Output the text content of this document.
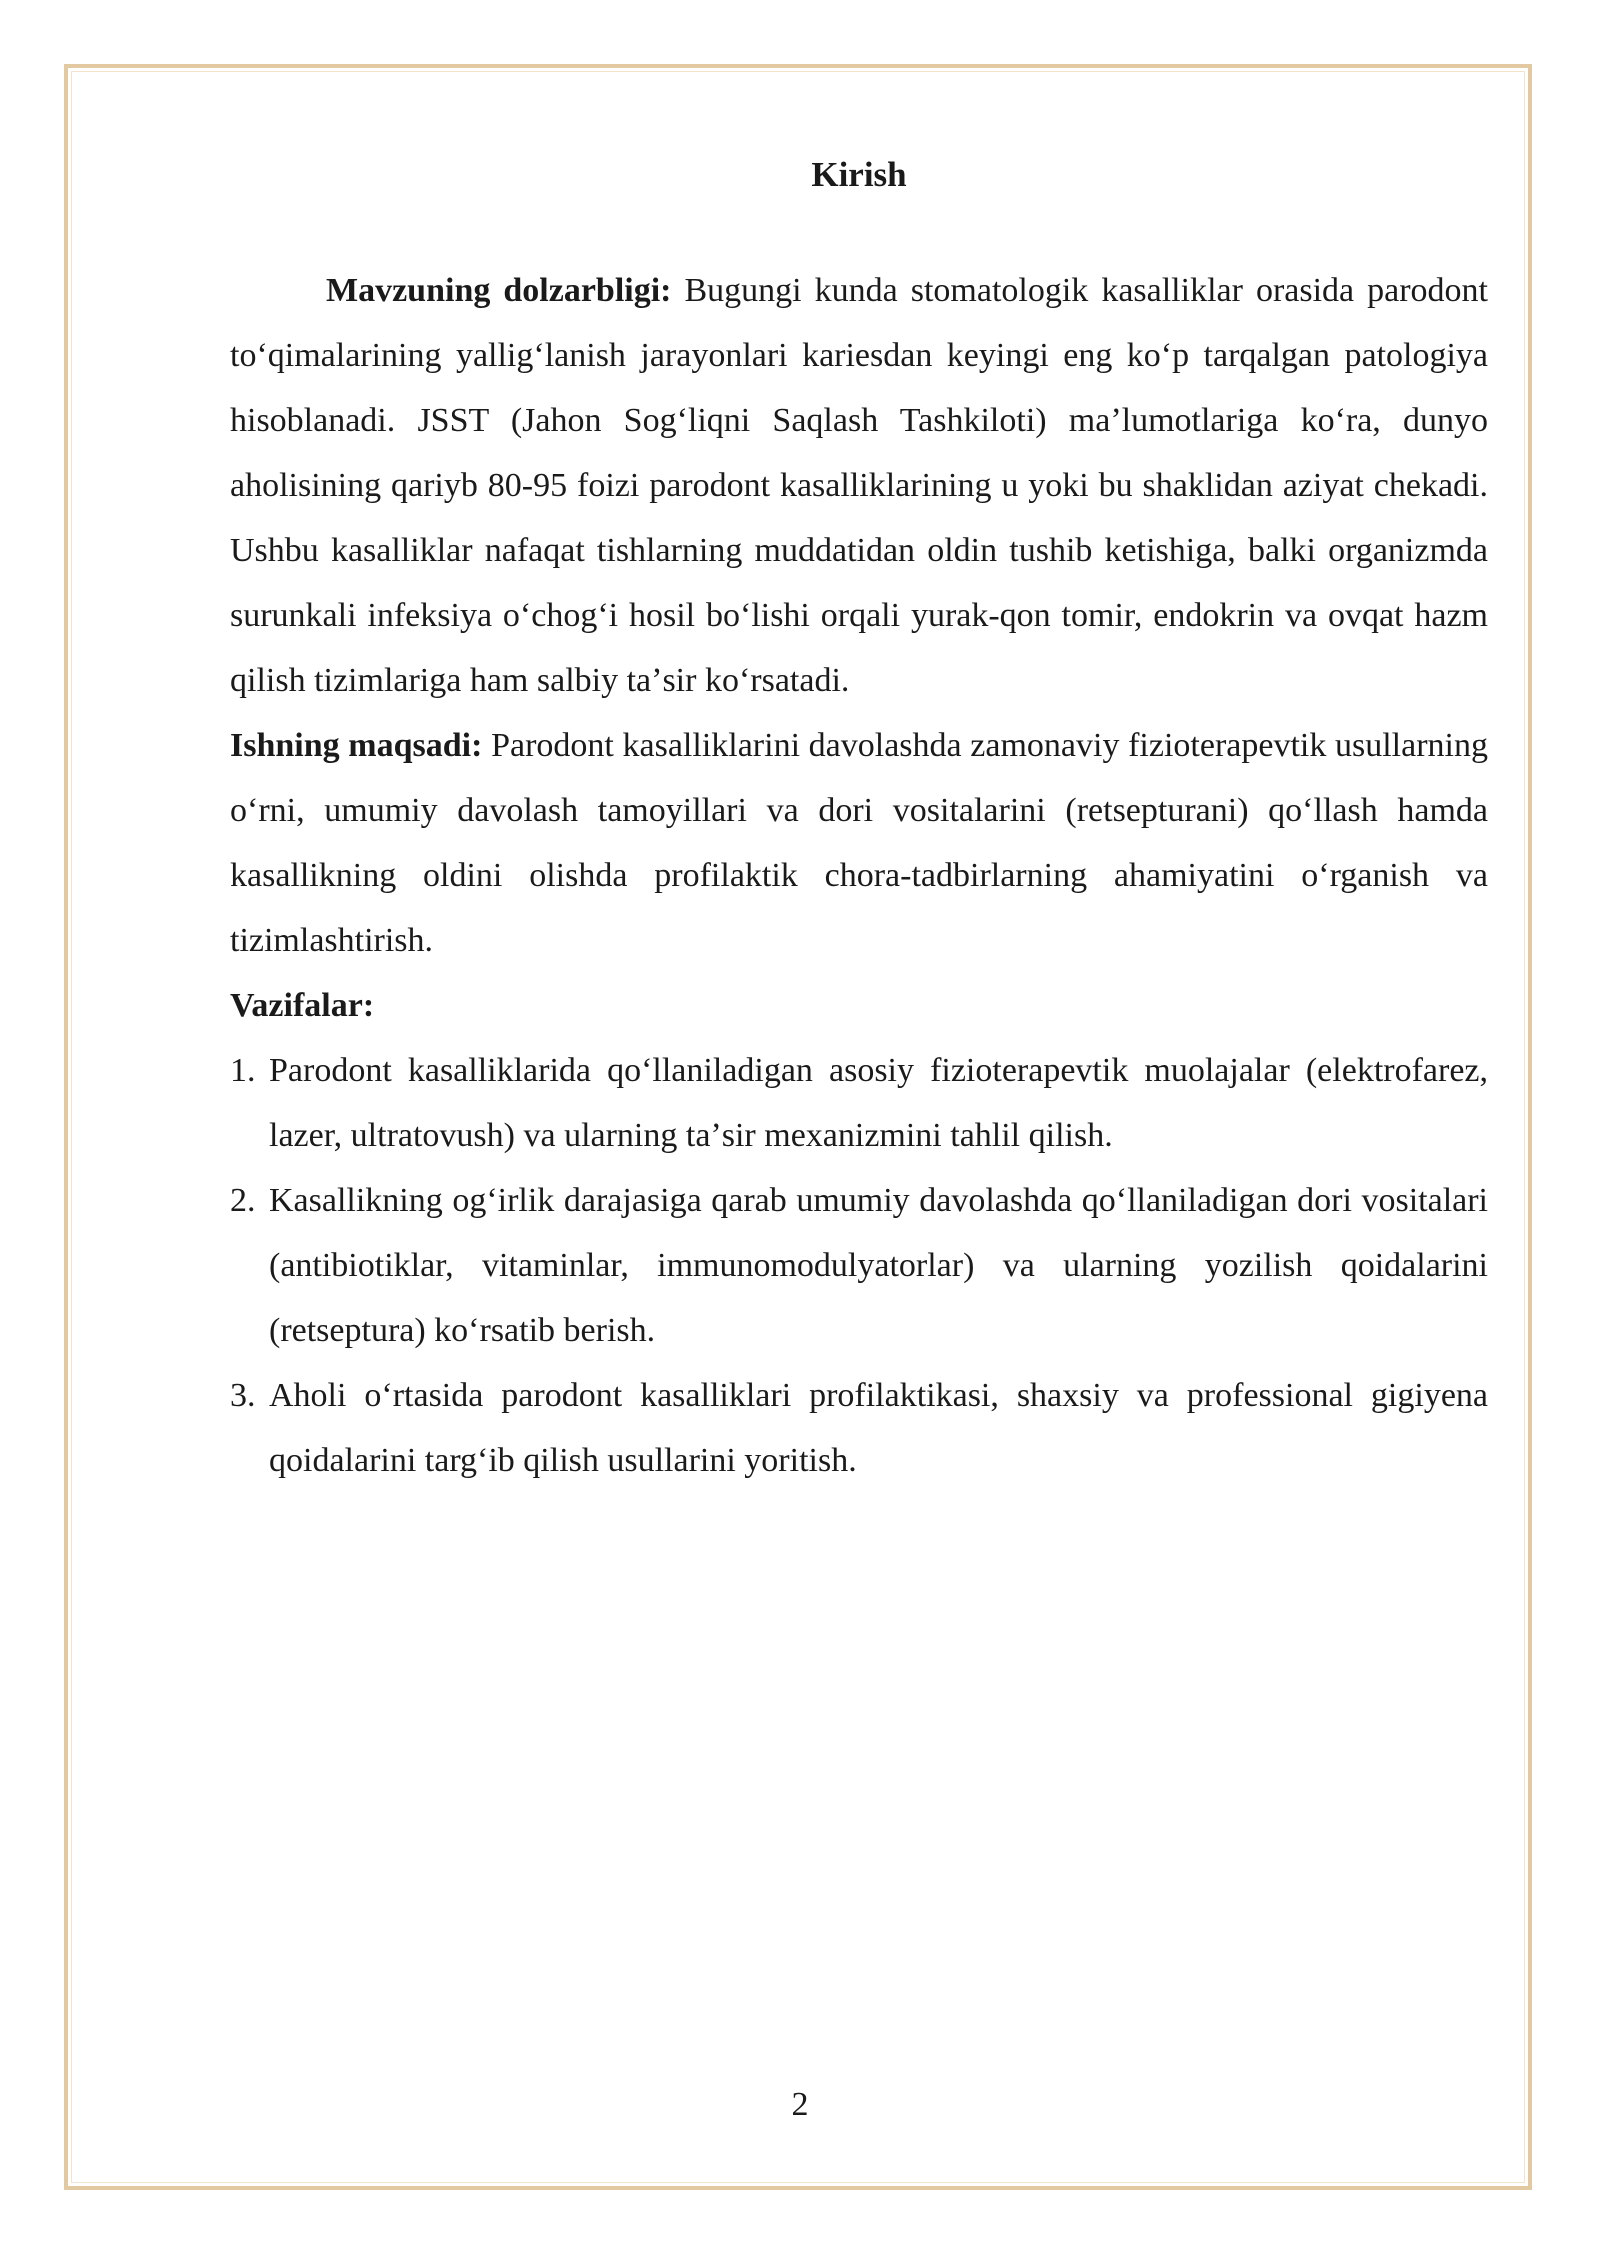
Kirish

Mavzuning dolzarbligi: Bugungi kunda stomatologik kasalliklar orasida parodont toʻqimalarining yalligʻlanish jarayonlari kariesdan keyingi eng koʻp tarqalgan patologiya hisoblanadi. JSST (Jahon Sogʻliqni Saqlash Tashkiloti) maʼlumotlariga koʻra, dunyo aholisining qariyb 80-95 foizi parodont kasalliklarining u yoki bu shaklidan aziyat chekadi. Ushbu kasalliklar nafaqat tishlarning muddatidan oldin tushib ketishiga, balki organizmda surunkali infeksiya oʻchogʻi hosil boʻlishi orqali yurak-qon tomir, endokrin va ovqat hazm qilish tizimlariga ham salbiy taʼsir koʻrsatadi.

Ishning maqsadi: Parodont kasalliklarini davolashda zamonaviy fizioterapevtik usullarning oʻrni, umumiy davolash tamoyillari va dori vositalarini (retsepturani) qoʻllash hamda kasallikning oldini olishda profilaktik chora-tadbirlarning ahamiyatini oʻrganish va tizimlashtirish.

Vazifalar:

1. Parodont kasalliklarida qoʻllaniladigan asosiy fizioterapevtik muolajalar (elektrofarez, lazer, ultratovush) va ularning taʼsir mexanizmini tahlil qilish.
2. Kasallikning ogʻirlik darajasiga qarab umumiy davolashda qoʻllaniladigan dori vositalari (antibiotiklar, vitaminlar, immunomodulyatorlar) va ularning yozilish qoidalarini (retseptura) koʻrsatib berish.
3. Aholi oʻrtasida parodont kasalliklari profilaktikasi, shaxsiy va professional gigiyena qoidalarini targʻib qilish usullarini yoritish.
2
